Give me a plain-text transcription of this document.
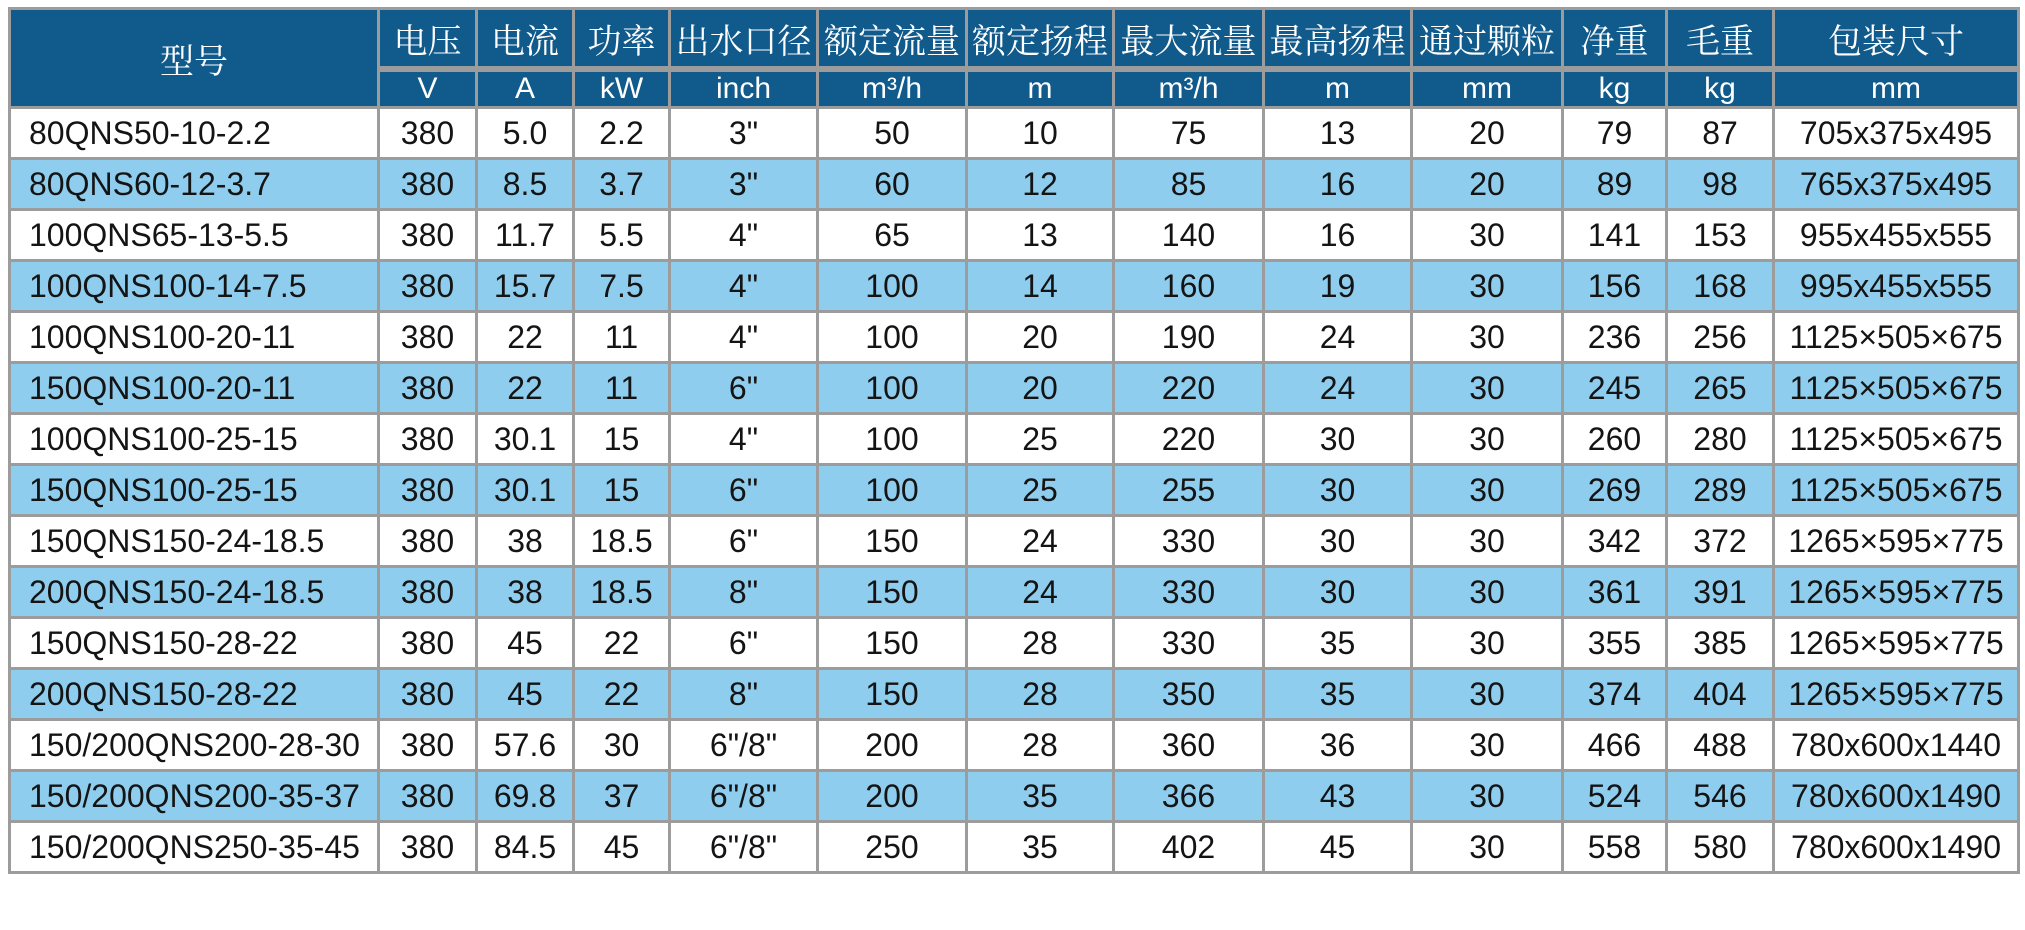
型号	电压	电流	功率	出水口径	额定流量	额定扬程	最大流量	最高扬程	通过颗粒	净重	毛重	包装尺寸
	V	A	kW	inch	m³/h	m	m³/h	m	mm	kg	kg	mm
80QNS50-10-2.2	380	5.0	2.2	3"	50	10	75	13	20	79	87	705x375x495
80QNS60-12-3.7	380	8.5	3.7	3"	60	12	85	16	20	89	98	765x375x495
100QNS65-13-5.5	380	11.7	5.5	4"	65	13	140	16	30	141	153	955x455x555
100QNS100-14-7.5	380	15.7	7.5	4"	100	14	160	19	30	156	168	995x455x555
100QNS100-20-11	380	22	11	4"	100	20	190	24	30	236	256	1125×505×675
150QNS100-20-11	380	22	11	6"	100	20	220	24	30	245	265	1125×505×675
100QNS100-25-15	380	30.1	15	4"	100	25	220	30	30	260	280	1125×505×675
150QNS100-25-15	380	30.1	15	6"	100	25	255	30	30	269	289	1125×505×675
150QNS150-24-18.5	380	38	18.5	6"	150	24	330	30	30	342	372	1265×595×775
200QNS150-24-18.5	380	38	18.5	8"	150	24	330	30	30	361	391	1265×595×775
150QNS150-28-22	380	45	22	6"	150	28	330	35	30	355	385	1265×595×775
200QNS150-28-22	380	45	22	8"	150	28	350	35	30	374	404	1265×595×775
150/200QNS200-28-30	380	57.6	30	6"/8"	200	28	360	36	30	466	488	780x600x1440
150/200QNS200-35-37	380	69.8	37	6"/8"	200	35	366	43	30	524	546	780x600x1490
150/200QNS250-35-45	380	84.5	45	6"/8"	250	35	402	45	30	558	580	780x600x1490
